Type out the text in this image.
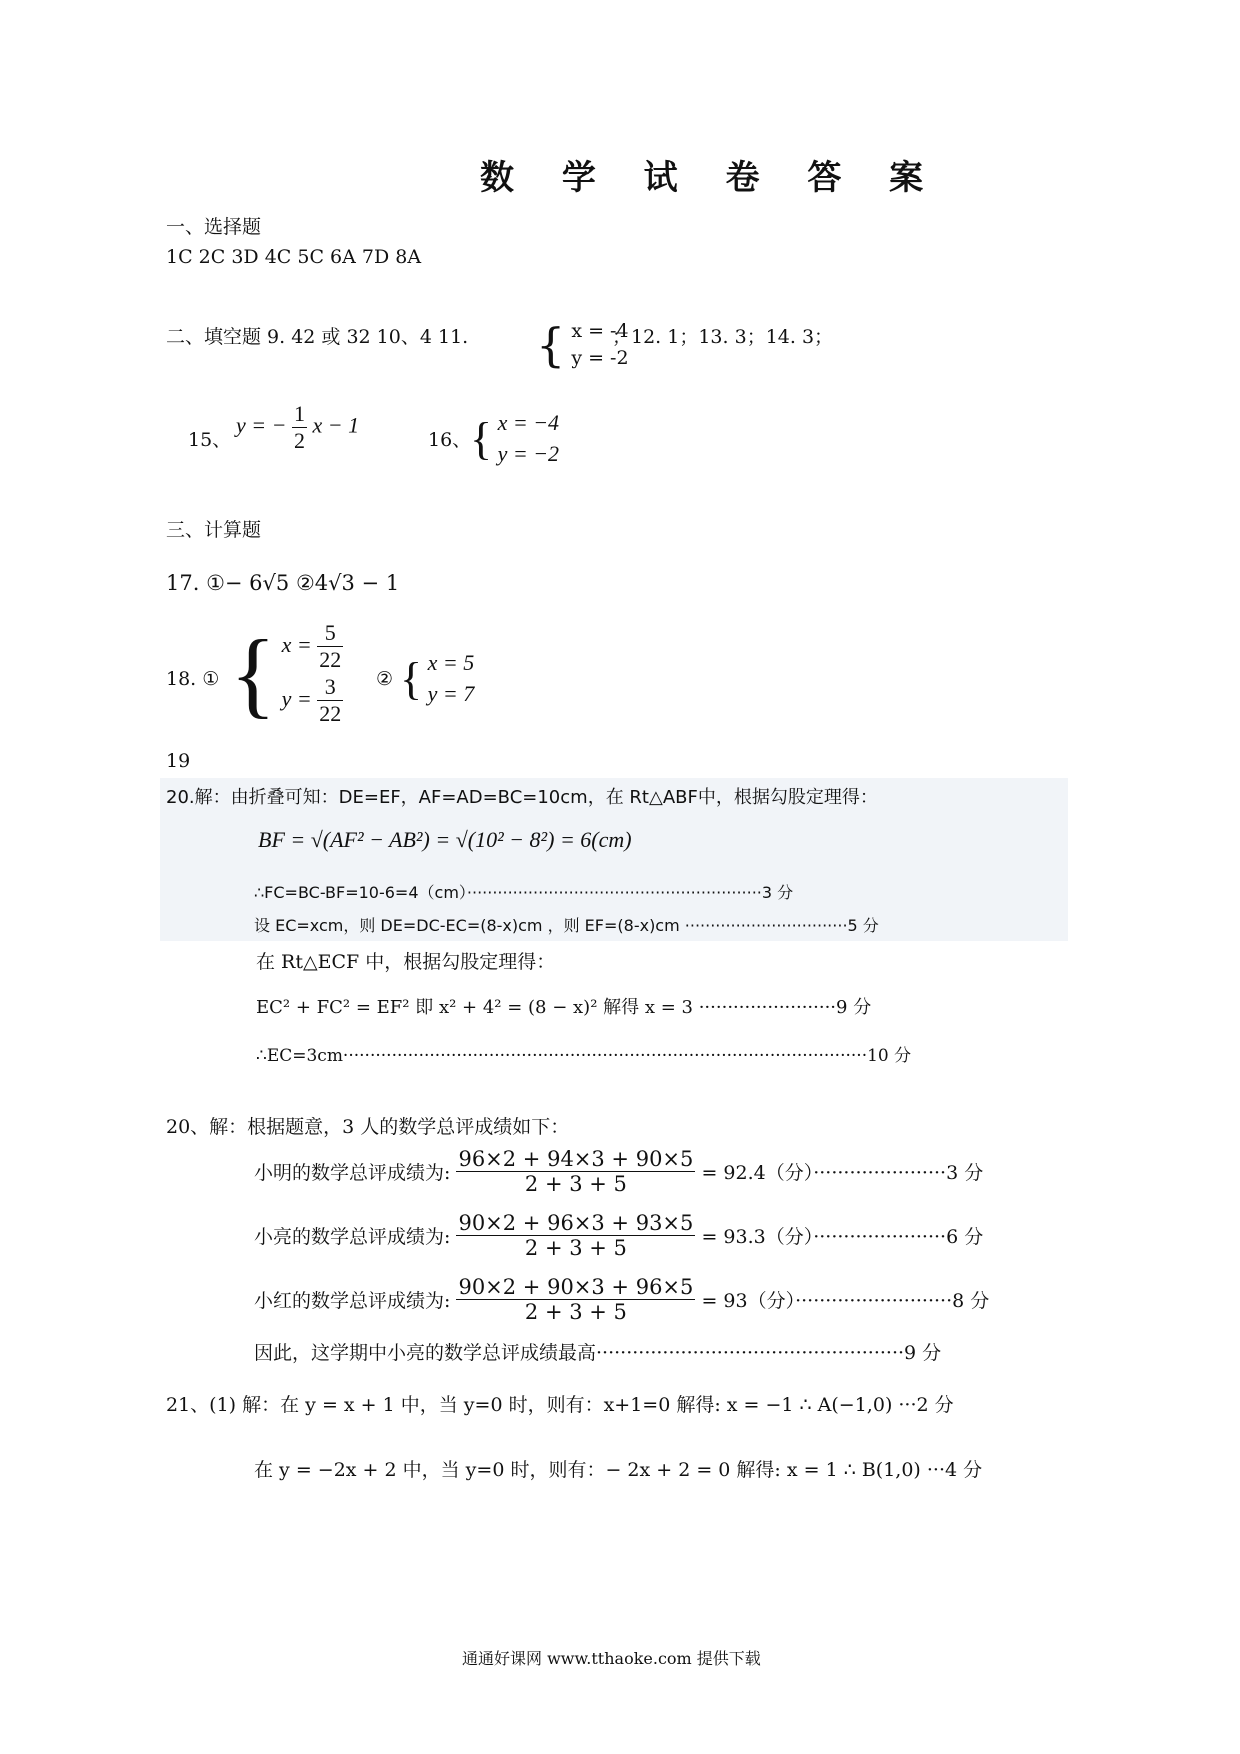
数 学 试 卷 答 案
一、选择题
1C 2C 3D 4C 5C 6A 7D 8A
二、填空题 9. 42 或 32 10、4 11. { x = -4
y = -2
；12. 1；13. 3；14. 3；
15、
y = − $\frac{1}{2}$ x − 1
16、
{ x = −4
y = −2
三、计算题
17. ①− 6√5 ②4√3 − 1
18. ① { $x = \frac{5}{22}$
$y = \frac{3}{22}$ ② { x = 5
y = 7
19
20.解：由折叠可知：DE=EF，AF=AD=BC=10cm，在 Rt△ABF中，根据勾股定理得：
BF = √(AF² − AB²) = √(10² − 8²) = 6(cm)
∴FC=BC-BF=10-6=4（cm）··························································3 分
设 EC=xcm，则 DE=DC-EC=(8-x)cm ，则 EF=(8-x)cm ································5 分
在 Rt△ECF 中，根据勾股定理得：
EC² + FC² = EF² 即 x² + 4² = (8 − x)² 解得 x = 3 ························9 分
∴EC=3cm·································································································10 分
20、解：根据题意，3 人的数学总评成绩如下：
小明的数学总评成绩为: $\frac{96\times 2 + 94\times 3 + 90\times 5}{2 + 3 + 5} = 92.4$（分）······················3 分
小亮的数学总评成绩为: $\frac{90\times 2 + 96\times 3 + 93\times 5}{2 + 3 + 5} = 93.3$（分）······················6 分
小红的数学总评成绩为: $\frac{90\times 2 + 90\times 3 + 96\times 5}{2 + 3 + 5} = 93$（分）··························8 分
因此，这学期中小亮的数学总评成绩最高···················································9 分
21、(1) 解：在 y = x + 1 中，当 y=0 时，则有：x+1=0 解得: x = −1 ∴ A(−1,0) ···2 分
在 y = −2x + 2 中，当 y=0 时，则有：− 2x + 2 = 0 解得: x = 1 ∴ B(1,0) ···4 分
通通好课网 www.tthaoke.com 提供下载
